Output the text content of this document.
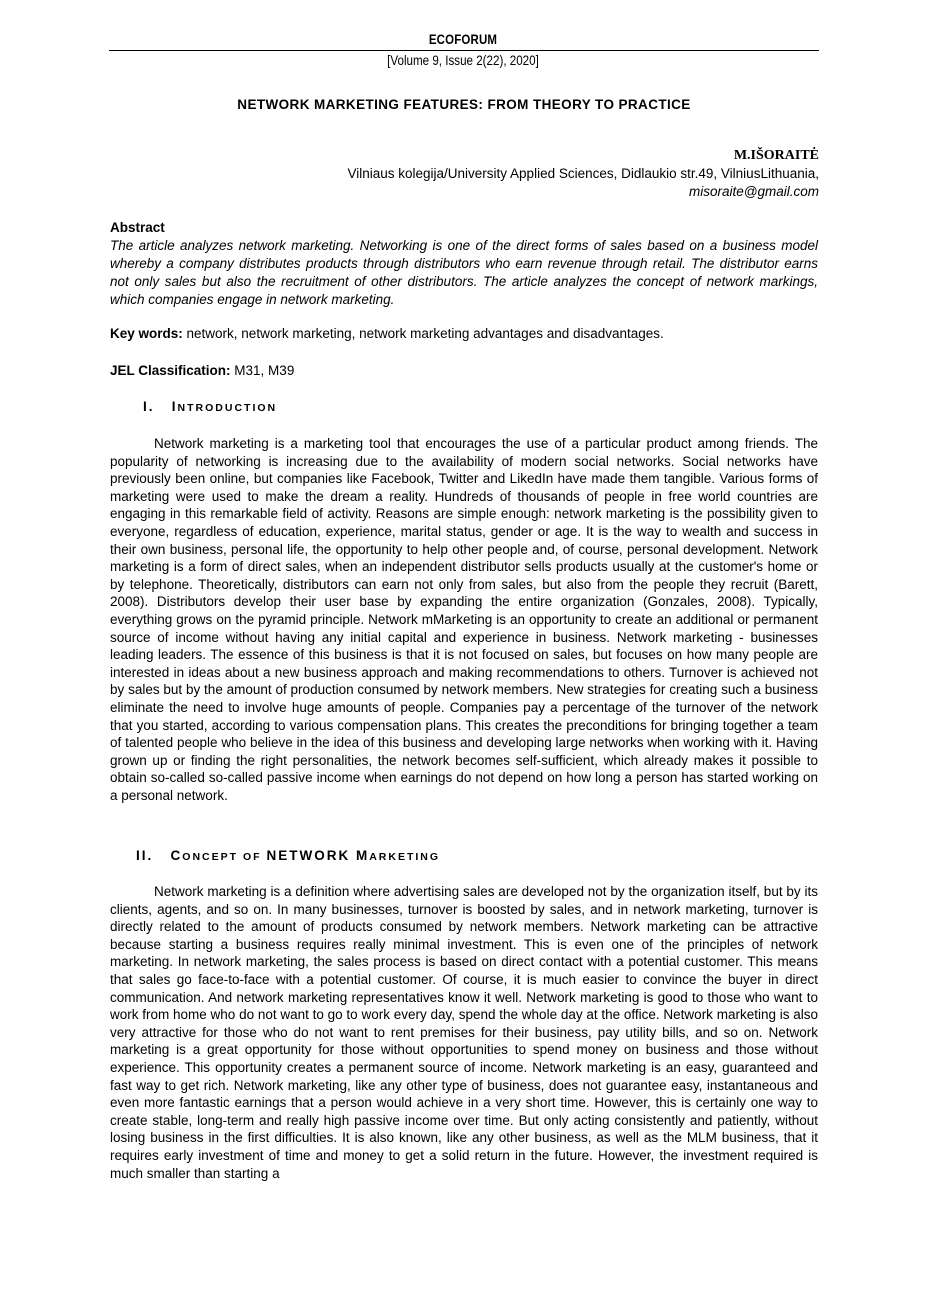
ECOFORUM
[Volume 9, Issue 2(22), 2020]
NETWORK MARKETING FEATURES: FROM THEORY TO PRACTICE
M.IŠORAITĖ
Vilniaus kolegija/University Applied Sciences, Didlaukio str.49, VilniusLithuania,
misoraite@gmail.com
Abstract
The article analyzes network marketing. Networking is one of the direct forms of sales based on a business model whereby a company distributes products through distributors who earn revenue through retail. The distributor earns not only sales but also the recruitment of other distributors. The article analyzes the concept of network markings, which companies engage in network marketing.
Key words: network, network marketing, network marketing advantages and disadvantages.
JEL Classification: M31, M39
I. INTRODUCTION

Network marketing is a marketing tool that encourages the use of a particular product among friends. The popularity of networking is increasing due to the availability of modern social networks. Social networks have previously been online, but companies like Facebook, Twitter and LikedIn have made them tangible. Various forms of marketing were used to make the dream a reality. Hundreds of thousands of people in free world countries are engaging in this remarkable field of activity. Reasons are simple enough: network marketing is the possibility given to everyone, regardless of education, experience, marital status, gender or age. It is the way to wealth and success in their own business, personal life, the opportunity to help other people and, of course, personal development. Network marketing is a form of direct sales, when an independent distributor sells products usually at the customer's home or by telephone. Theoretically, distributors can earn not only from sales, but also from the people they recruit (Barett, 2008). Distributors develop their user base by expanding the entire organization (Gonzales, 2008). Typically, everything grows on the pyramid principle. Network mMarketing is an opportunity to create an additional or permanent source of income without having any initial capital and experience in business. Network marketing - businesses leading leaders. The essence of this business is that it is not focused on sales, but focuses on how many people are interested in ideas about a new business approach and making recommendations to others. Turnover is achieved not by sales but by the amount of production consumed by network members. New strategies for creating such a business eliminate the need to involve huge amounts of people. Companies pay a percentage of the turnover of the network that you started, according to various compensation plans. This creates the preconditions for bringing together a team of talented people who believe in the idea of this business and developing large networks when working with it. Having grown up or finding the right personalities, the network becomes self-sufficient, which already makes it possible to obtain so-called so-called passive income when earnings do not depend on how long a person has started working on a personal network.

II. CONCEPT OF NETWORK MARKETING

Network marketing is a definition where advertising sales are developed not by the organization itself, but by its clients, agents, and so on. In many businesses, turnover is boosted by sales, and in network marketing, turnover is directly related to the amount of products consumed by network members. Network marketing can be attractive because starting a business requires really minimal investment. This is even one of the principles of network marketing. In network marketing, the sales process is based on direct contact with a potential customer. This means that sales go face-to-face with a potential customer. Of course, it is much easier to convince the buyer in direct communication. And network marketing representatives know it well. Network marketing is good to those who want to work from home who do not want to go to work every day, spend the whole day at the office. Network marketing is also very attractive for those who do not want to rent premises for their business, pay utility bills, and so on. Network marketing is a great opportunity for those without opportunities to spend money on business and those without experience. This opportunity creates a permanent source of income. Network marketing is an easy, guaranteed and fast way to get rich. Network marketing, like any other type of business, does not guarantee easy, instantaneous and even more fantastic earnings that a person would achieve in a very short time. However, this is certainly one way to create stable, long-term and really high passive income over time. But only acting consistently and patiently, without losing business in the first difficulties. It is also known, like any other business, as well as the MLM business, that it requires early investment of time and money to get a solid return in the future. However, the investment required is much smaller than starting a
